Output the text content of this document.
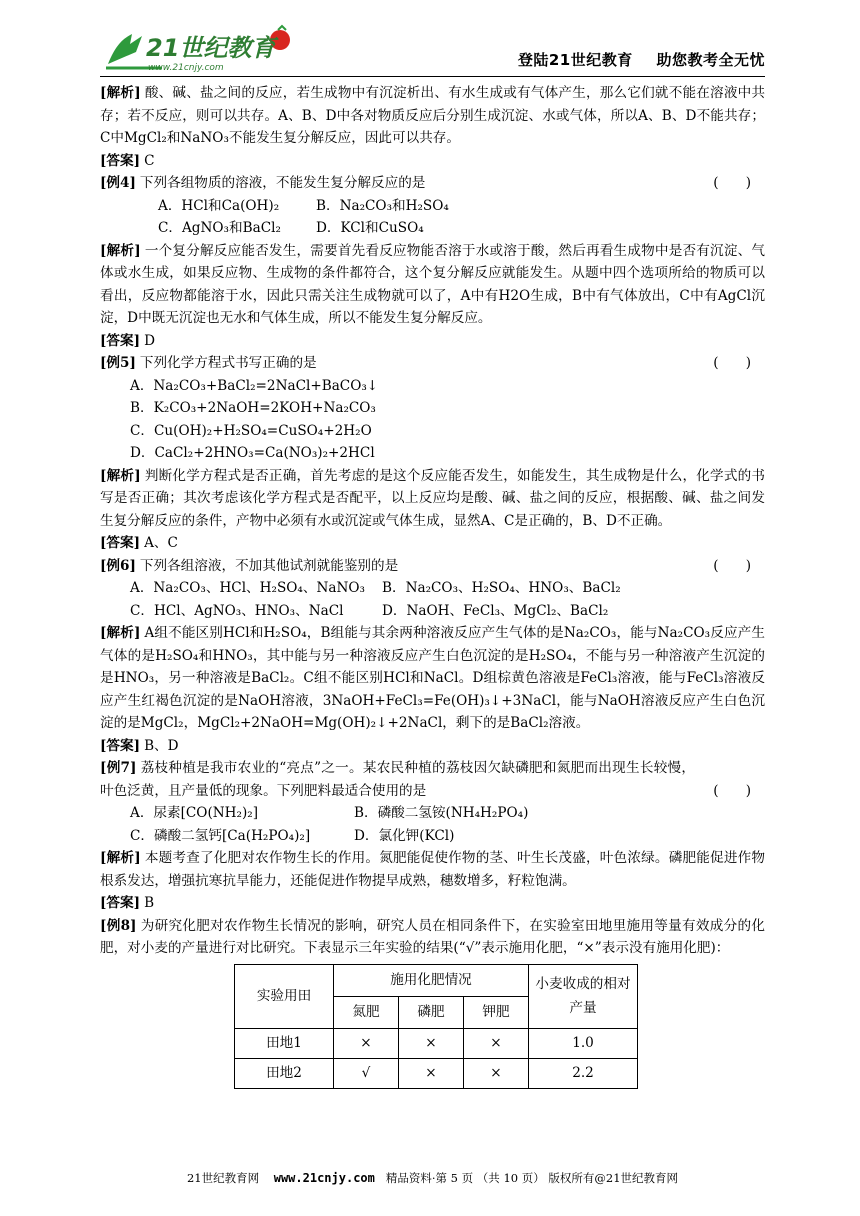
21世纪教育
www.21cnjy.com	登陆21世纪教育 助您教考全无忧

[解析] 酸、碱、盐之间的反应，若生成物中有沉淀析出、有水生成或有气体产生，那么它们就不能在溶液中共存；若不反应，则可以共存。A、B、D中各对物质反应后分别生成沉淀、水或气体，所以A、B、D不能共存；C中MgCl₂和NaNO₃不能发生复分解反应，因此可以共存。

[答案] C

[例4] 下列各组物质的溶液，不能发生复分解反应的是	(　　)

A．HCl和Ca(OH)₂	B．Na₂CO₃和H₂SO₄

C．AgNO₃和BaCl₂	D．KCl和CuSO₄

[解析] 一个复分解反应能否发生，需要首先看反应物能否溶于水或溶于酸，然后再看生成物中是否有沉淀、气体或水生成，如果反应物、生成物的条件都符合，这个复分解反应就能发生。从题中四个选项所给的物质可以看出，反应物都能溶于水，因此只需关注生成物就可以了，A中有H2O生成，B中有气体放出，C中有AgCl沉淀，D中既无沉淀也无水和气体生成，所以不能发生复分解反应。

[答案] D

[例5] 下列化学方程式书写正确的是	(　　)

A．Na₂CO₃+BaCl₂=2NaCl+BaCO₃↓

B．K₂CO₃+2NaOH=2KOH+Na₂CO₃

C．Cu(OH)₂+H₂SO₄=CuSO₄+2H₂O

D．CaCl₂+2HNO₃=Ca(NO₃)₂+2HCl

[解析] 判断化学方程式是否正确，首先考虑的是这个反应能否发生，如能发生，其生成物是什么，化学式的书写是否正确；其次考虑该化学方程式是否配平，以上反应均是酸、碱、盐之间的反应，根据酸、碱、盐之间发生复分解反应的条件，产物中必须有水或沉淀或气体生成，显然A、C是正确的，B、D不正确。

[答案] A、C

[例6] 下列各组溶液，不加其他试剂就能鉴别的是	(　　)

A．Na₂CO₃、HCl、H₂SO₄、NaNO₃ B．Na₂CO₃、H₂SO₄、HNO₃、BaCl₂

C．HCl、AgNO₃、HNO₃、NaCl	D．NaOH、FeCl₃、MgCl₂、BaCl₂

[解析] A组不能区别HCl和H₂SO₄，B组能与其余两种溶液反应产生气体的是Na₂CO₃，能与Na₂CO₃反应产生气体的是H₂SO₄和HNO₃，其中能与另一种溶液反应产生白色沉淀的是H₂SO₄，不能与另一种溶液产生沉淀的是HNO₃，另一种溶液是BaCl₂。C组不能区别HCl和NaCl。D组棕黄色溶液是FeCl₃溶液，能与FeCl₃溶液反应产生红褐色沉淀的是NaOH溶液，3NaOH+FeCl₃=Fe(OH)₃↓+3NaCl，能与NaOH溶液反应产生白色沉淀的是MgCl₂，MgCl₂+2NaOH=Mg(OH)₂↓+2NaCl，剩下的是BaCl₂溶液。

[答案] B、D

[例7] 荔枝种植是我市农业的“亮点”之一。某农民种植的荔枝因欠缺磷肥和氮肥而出现生长较慢，叶色泛黄，且产量低的现象。下列肥料最适合使用的是	(　　)

A．尿素[CO(NH₂)₂]	B．磷酸二氢铵(NH₄H₂PO₄)

C．磷酸二氢钙[Ca(H₂PO₄)₂]	D．氯化钾(KCl)

[解析] 本题考查了化肥对农作物生长的作用。氮肥能促使作物的茎、叶生长茂盛，叶色浓绿。磷肥能促进作物根系发达，增强抗寒抗旱能力，还能促进作物提早成熟，穗数增多，籽粒饱满。

[答案] B

[例8] 为研究化肥对农作物生长情况的影响，研究人员在相同条件下，在实验室田地里施用等量有效成分的化肥，对小麦的产量进行对比研究。下表显示三年实验的结果(“√”表示施用化肥，“×”表示没有施用化肥)：

实验用田	施用化肥情况			小麦收成的相对产量
	氮肥	磷肥	钾肥	
田地1	×	×	×	1.0
田地2	√	×	×	2.2
21世纪教育网 www.21cnjy.com 精品资料·第 5 页 （共 10 页） 版权所有@21世纪教育网
